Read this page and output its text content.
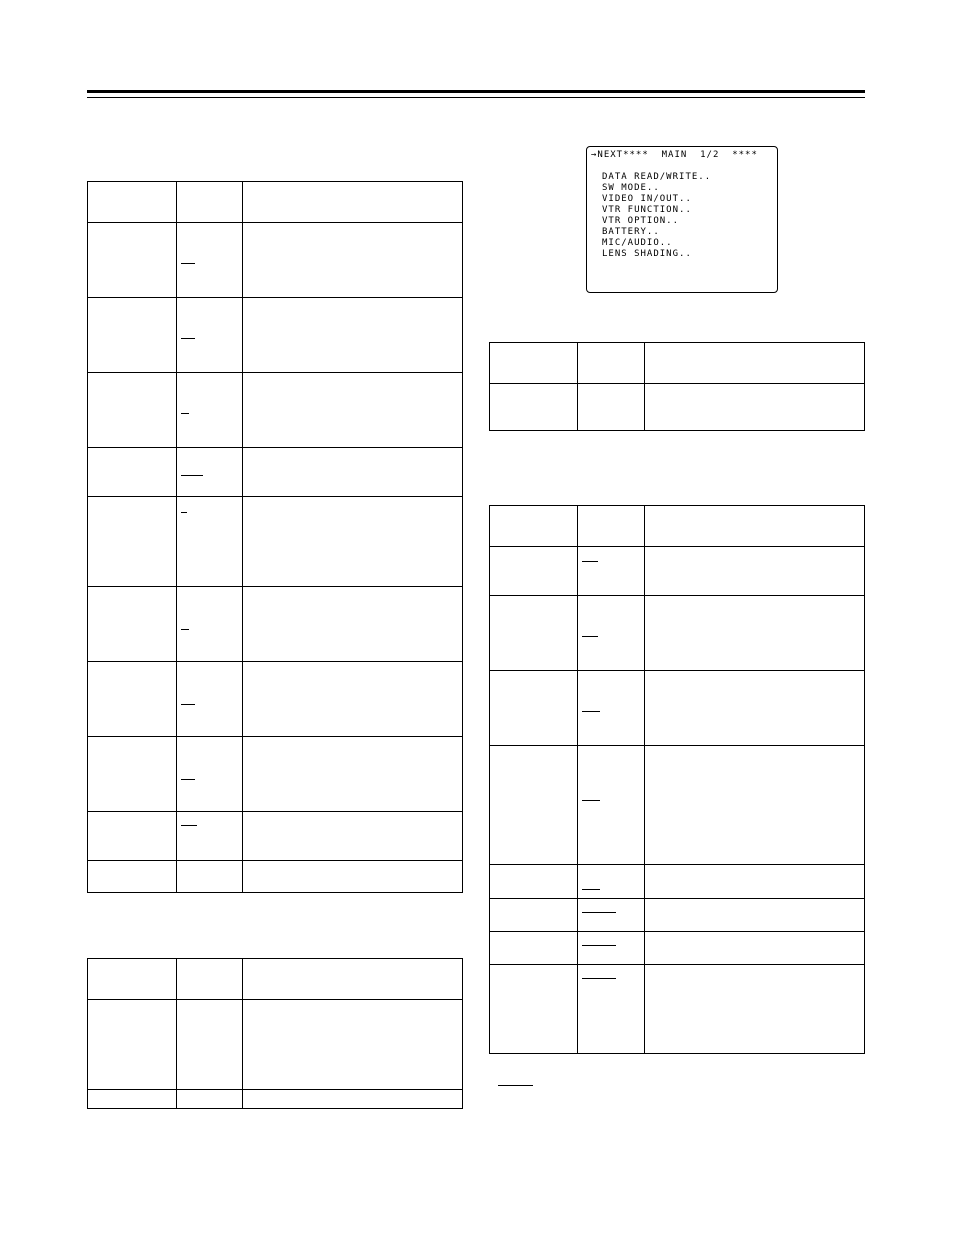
→NEXT****  MAIN  1/2  ****
DATA READ/WRITE..
SW MODE..
VIDEO IN/OUT..
VTR FUNCTION..
VTR OPTION..
BATTERY..
MIC/AUDIO..
LENS SHADING..
